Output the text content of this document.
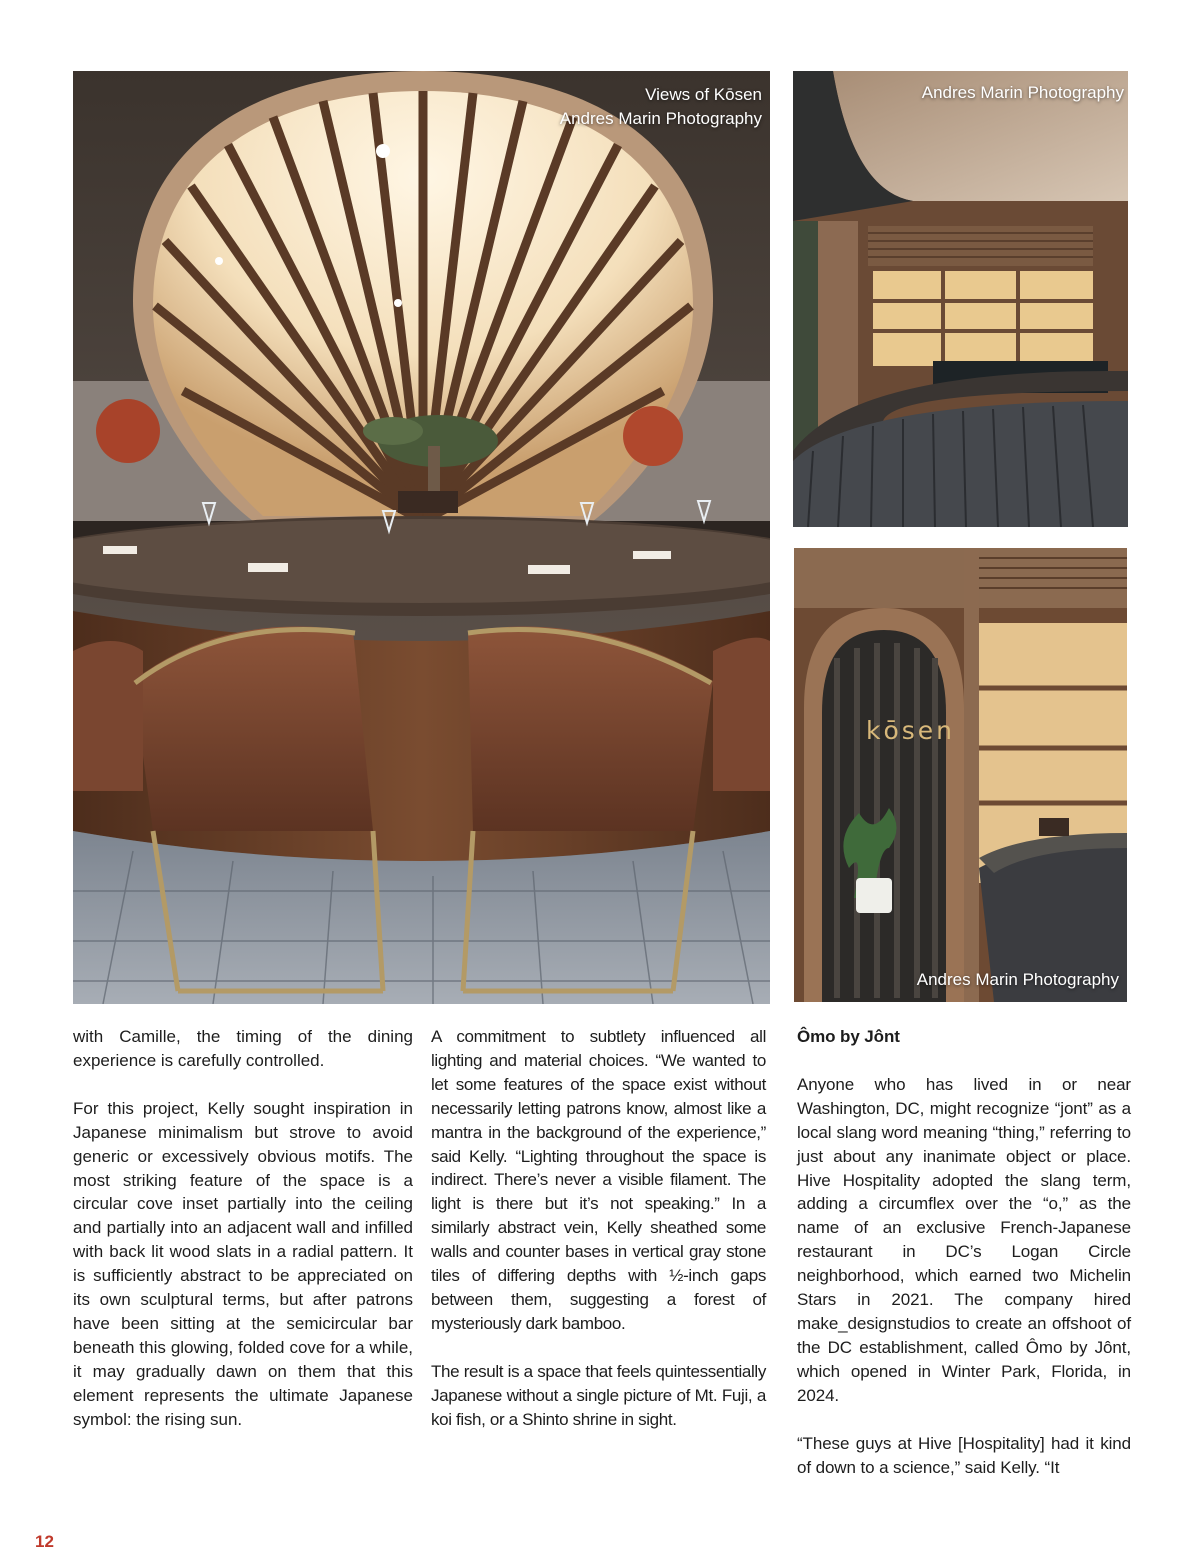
Views of Kōsen
Andres Marin Photography
Andres Marin Photography
kōsen
Andres Marin Photography

with Camille, the timing of the dining experience is carefully controlled.

For this project, Kelly sought inspiration in Japanese minimalism but strove to avoid generic or excessively obvious motifs. The most striking feature of the space is a circular cove inset partially into the ceiling and partially into an adjacent wall and infilled with back lit wood slats in a radial pattern. It is sufficiently abstract to be appreciated on its own sculptural terms, but after patrons have been sitting at the semicircular bar beneath this glowing, folded cove for a while, it may gradually dawn on them that this element represents the ultimate Japanese symbol: the rising sun.

A commitment to subtlety influenced all lighting and material choices. “We wanted to let some features of the space exist without necessarily letting patrons know, almost like a mantra in the background of the experience,” said Kelly. “Lighting throughout the space is indirect. There’s never a visible filament. The light is there but it’s not speaking.” In a similarly abstract vein, Kelly sheathed some walls and counter bases in vertical gray stone tiles of differing depths with ½-inch gaps between them, suggesting a forest of mysteriously dark bamboo.

The result is a space that feels quintessentially Japanese without a single picture of Mt. Fuji, a koi fish, or a Shinto shrine in sight.

Ômo by Jônt

Anyone who has lived in or near Washington, DC, might recognize “jont” as a local slang word meaning “thing,” referring to just about any inanimate object or place. Hive Hospitality adopted the slang term, adding a circumflex over the “o,” as the name of an exclusive French-Japanese restaurant in DC’s Logan Circle neighborhood, which earned two Michelin Stars in 2021. The company hired make_designstudios to create an offshoot of the DC establishment, called Ômo by Jônt, which opened in Winter Park, Florida, in 2024.

“These guys at Hive [Hospitality] had it kind of down to a science,” said Kelly. “It

12
